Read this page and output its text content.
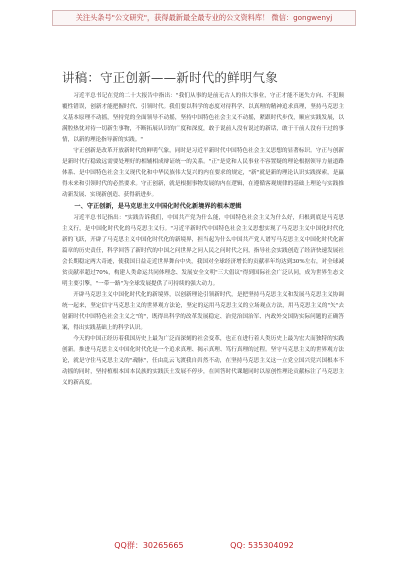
关注头条号"公文研究"，获得最新最全最专业的公文资料库！ 微信：gongwenyj
讲稿：守正创新——新时代的鲜明气象

习近平总书记在党的二十大报告中指出："我们从事的是前无古人的伟大事业，守正才能不迷失方向、不犯颠覆性错误，创新才能把握时代、引领时代。我们要以科学的态度对待科学、以真理的精神追求真理，坚持马克思主义基本原理不动摇，坚持党的全面领导不动摇，坚持中国特色社会主义不动摇，紧跟时代步伐，顺应实践发展，以满腔热忱对待一切新生事物，不断拓展认识的广度和深度，敢于说前人没有说过的新话，敢于干前人没有干过的事情，以新的理论指导新的实践。"

守正创新是改革开放新时代的鲜明气象，同时是习近平新时代中国特色社会主义思想的显著标识。守正与创新是新时代行稳致远需要处理好的相辅相成辩证统一的关系。"正"是党和人民事业不容置疑的理论根据领导力量道路体系、是中国特色社会主义现代化和中华民族伟大复兴的内在要求的规定，"新"就是新的理论认识实践探索，是赢得未来和引领时代的必然要求。守正创新，就是根据事物发展的内在逻辑，在遵循客观规律的基础上理论与实践推动新发展、实现新创造、获得新进步。

一、守正创新，是马克思主义中国化时代化新境界的根本逻辑

习近平总书记指出："实践告诉我们，中国共产党为什么能，中国特色社会主义为什么好，归根到底是马克思主义行，是中国化时代化的马克思主义行。"习近平新时代中国特色社会主义思想实现了马克思主义中国化时代化新的飞跃，开辟了马克思主义中国化时代化的新境界，担当起为什么中国共产党人谱写马克思主义中国化时代化新篇章的历史责任，科学回答了新时代的中国之问世界之问人民之问时代之问，指导社会实践创造了经济快速发展社会长期稳定两大奇迹，使我国日益走近世界舞台中央，我国对全球经济增长的贡献率年均达到30%左右，对全球减贫贡献率超过70%，构建人类命运共同体理念、发展安全文明"三大倡议"得到国际社会广泛认同，成为世界生态文明主要引擎，"一带一路"为全球发展提供了可持续的强大动力。

开辟马克思主义中国化时代化的新境界，以创新理论引领新时代，是把坚持马克思主义和发展马克思主义协调统一起来，坚定信守马克思主义的世界观方法论，坚定的运用马克思主义的立场观点方法，用马克思主义的"矢"去射新时代中国特色社会主义之"的"，既得出科学的改革发展稳定、治党治国治军、内政外交国防实际问题的正确答案，得出实践基础上的科学认识。

今天的中国正经历着我国历史上最为广泛而深刻的社会变革，也正在进行着人类历史上最为宏大而独特的实践创新。推进马克思主义中国化时代化是一个追求真理、揭示真理、笃行真理的过程。坚守马克思主义的世界观方法论，就是守住马克思主义的"魂脉"，任由乱云飞渡我自岿然不动，在坚持马克思主义这一立党立国兴党兴国根本不动摇的同时，坚持植根本国本民族的实践沃土发展不停步，在回答时代课题同时以原创性理论贡献标注了马克思主义的新高度。

QQ群：30265665	QQ: 535304092
